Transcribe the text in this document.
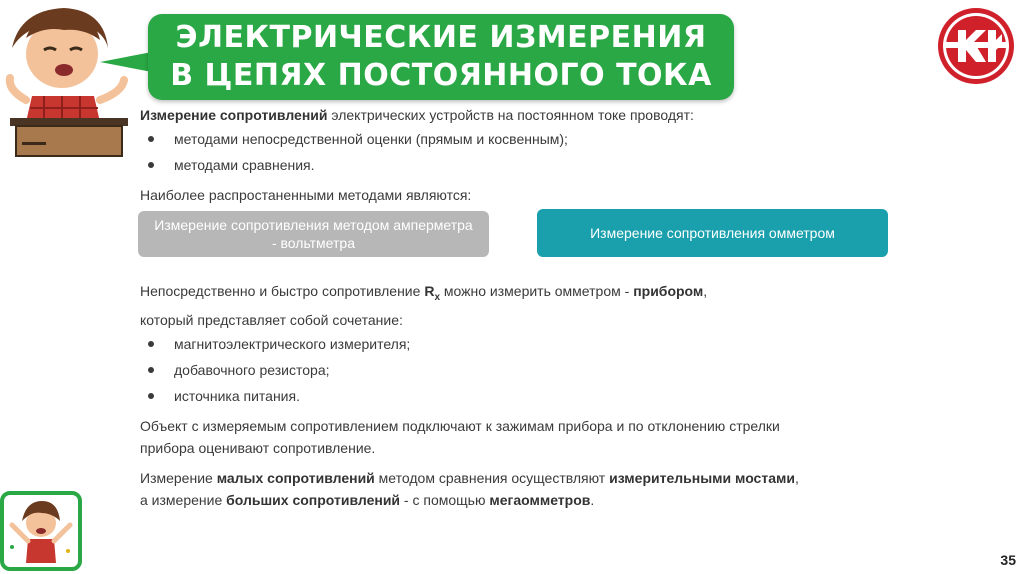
ЭЛЕКТРИЧЕСКИЕ ИЗМЕРЕНИЯ
В ЦЕПЯХ ПОСТОЯННОГО ТОКА

Измерение сопротивлений электрических устройств на постоянном токе проводят:

методами непосредственной оценки (прямым и косвенным);
методами сравнения.

Наиболее распростаненными методами являются:

Непосредственно и быстро сопротивление $R_x$ можно измерить омметром - прибором,
который представляет собой сочетание:

магнитоэлектрического измерителя;
добавочного резистора;
источника питания.

Объект с измеряемым сопротивлением подключают к зажимам прибора и по отклонению стрелки
прибора оценивают сопротивление.

Измерение малых сопротивлений методом сравнения осуществляют измерительными мостами,
а измерение больших сопротивлений - с помощью мегаомметров.

Измерение сопротивления методом амперметра
- вольтметра
Измерение сопротивления омметром
35
